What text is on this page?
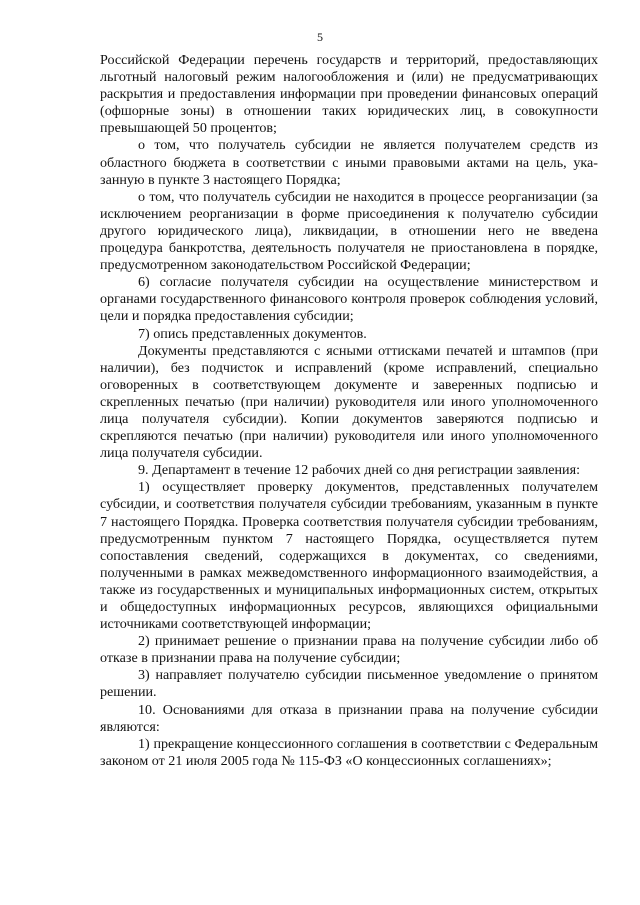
5

Российской Федерации перечень государств и территорий, предоставляющих льготный налоговый режим налогообложения и (или) не предусматривающих раскрытия и предоставления информации при проведении финансовых операций (офшорные зоны) в отношении таких юридических лиц, в совокупности превышающей 50 процентов;

о том, что получатель субсидии не является получателем средств из областного бюджета в соответствии с иными правовыми актами на цель, указанную в пункте 3 настоящего Порядка;

о том, что получатель субсидии не находится в процессе реорганизации (за исключением реорганизации в форме присоединения к получателю субсидии другого юридического лица), ликвидации, в отношении него не введена процедура банкротства, деятельность получателя не приостановлена в порядке, предусмотренном законодательством Российской Федерации;

6) согласие получателя субсидии на осуществление министерством и органами государственного финансового контроля проверок соблюдения условий, цели и порядка предоставления субсидии;

7) опись представленных документов.

Документы представляются с ясными оттисками печатей и штампов (при наличии), без подчисток и исправлений (кроме исправлений, специально оговоренных в соответствующем документе и заверенных подписью и скрепленных печатью (при наличии) руководителя или иного уполномоченного лица получателя субсидии). Копии документов заверяются подписью и скрепляются печатью (при наличии) руководителя или иного уполномоченного лица получателя субсидии.

9. Департамент в течение 12 рабочих дней со дня регистрации заявления:

1) осуществляет проверку документов, представленных получателем субсидии, и соответствия получателя субсидии требованиям, указанным в пункте 7 настоящего Порядка. Проверка соответствия получателя субсидии требованиям, предусмотренным пунктом 7 настоящего Порядка, осуществляется путем сопоставления сведений, содержащихся в документах, со сведениями, полученными в рамках межведомственного информационного взаимодействия, а также из государственных и муниципальных информационных систем, открытых и общедоступных информационных ресурсов, являющихся официальными источниками соответствующей информации;

2) принимает решение о признании права на получение субсидии либо об отказе в признании права на получение субсидии;

3) направляет получателю субсидии письменное уведомление о принятом решении.

10. Основаниями для отказа в признании права на получение субсидии являются:

1) прекращение концессионного соглашения в соответствии с Федеральным законом от 21 июля 2005 года № 115-ФЗ «О концессионных соглашениях»;
